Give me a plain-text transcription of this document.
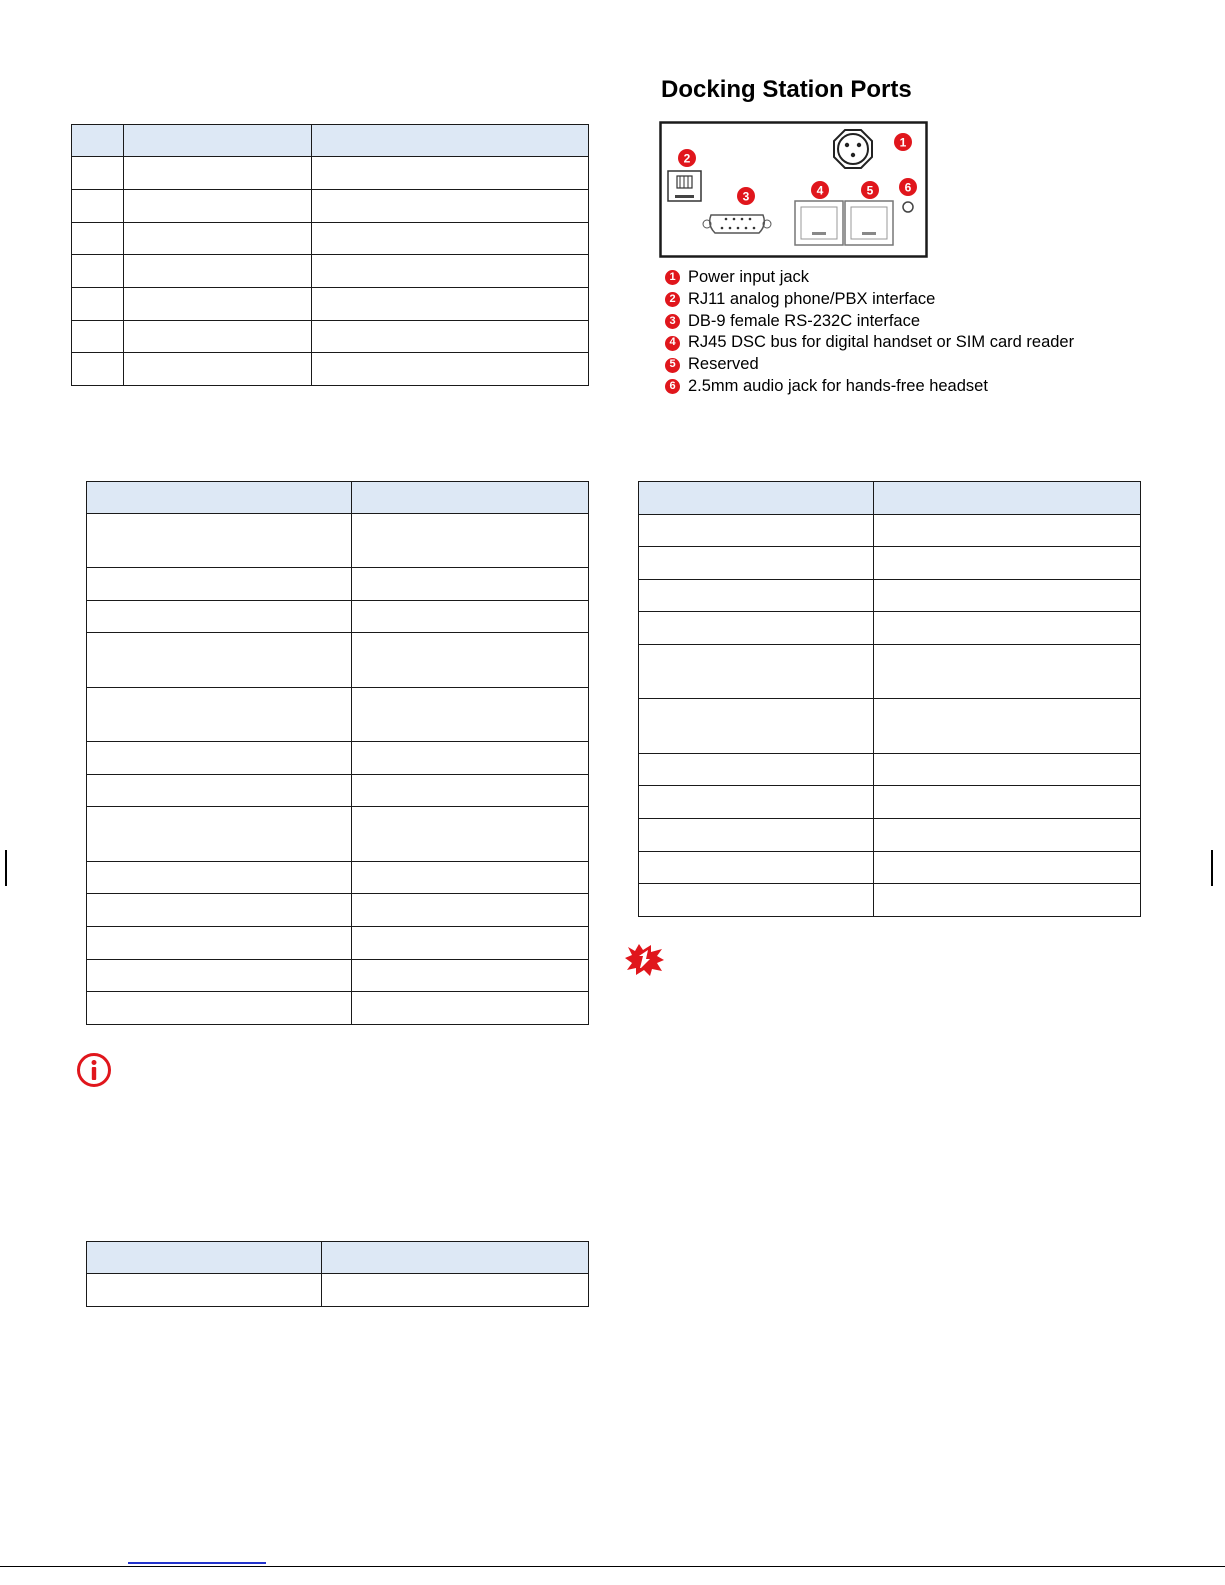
Docking Station Ports
1
2
3	4	5	6
1 Power input jack
2 RJ11 analog phone/PBX interface
3 DB-9 female RS-232C interface
4 RJ45 DSC bus for digital handset or SIM card reader
5 Reserved
6 2.5mm audio jack for hands-free headset
